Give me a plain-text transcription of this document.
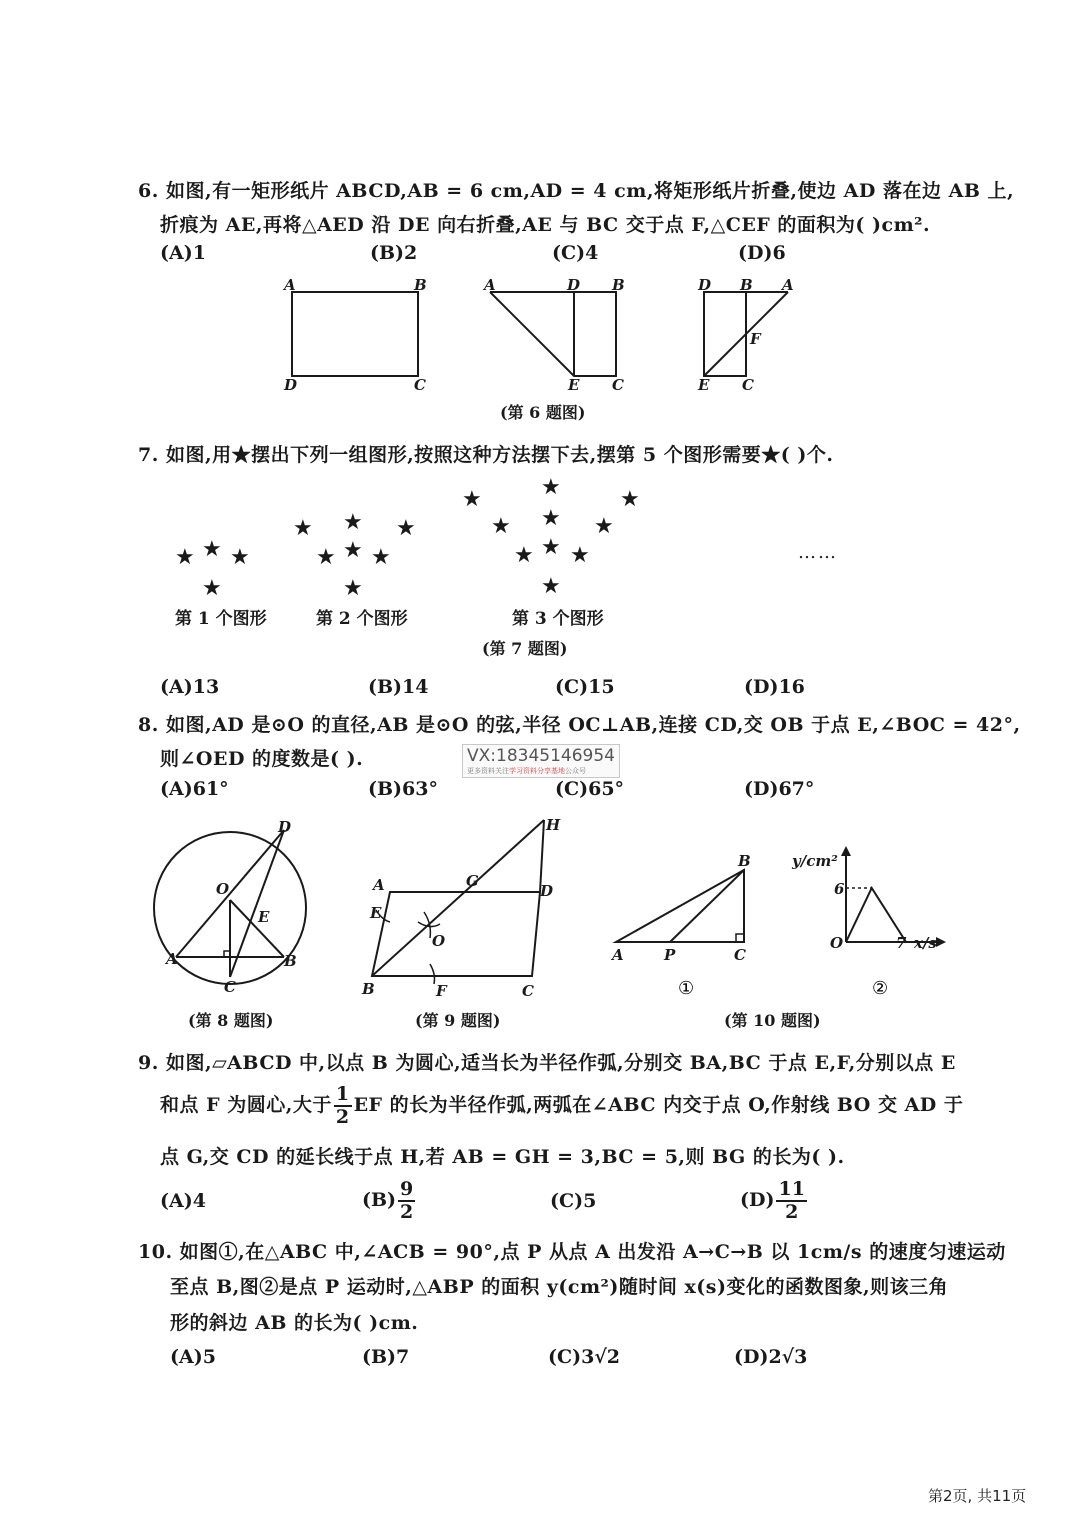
6. 如图,有一矩形纸片 ABCD,AB = 6 cm,AD = 4 cm,将矩形纸片折叠,使边 AD 落在边 AB 上,
折痕为 AE,再将△AED 沿 DE 向右折叠,AE 与 BC 交于点 F,△CEF 的面积为( )cm².
(A)1	(B)2	(C)4	(D)6
A	B
D	C
A	D B
E C
D B A
F
E C
(第 6 题图)
7. 如图,用★摆出下列一组图形,按照这种方法摆下去,摆第 5 个图形需要★( )个.
★ ★ ★
★
★ ★ ★
★ ★ ★
★
★	★	★
★ ★ ★
★ ★ ★
★
……
第 1 个图形	第 2 个图形	第 3 个图形
(第 7 题图)
(A)13	(B)14	(C)15	(D)16
8. 如图,AD 是⊙O 的直径,AB 是⊙O 的弦,半径 OC⊥AB,连接 CD,交 OB 于点 E,∠BOC = 42°,
则∠OED 的度数是( ).
(A)61°	(B)63°	(C)65°	(D)67°
VX:18345146954
更多资料关注学习资料分享基地公众号
D
O
E
A	B
C
A	G
D
H
E
O
B	F	C
B
A	P	C
①
y/cm²
6
O	7 x/s
②
(第 8 题图)	(第 9 题图)	(第 10 题图)
9. 如图,▱ABCD 中,以点 B 为圆心,适当长为半径作弧,分别交 BA,BC 于点 E,F,分别以点 E
和点 F 为圆心,大于 $\frac{1}{2}$ EF 的长为半径作弧,两弧在∠ABC 内交于点 O,作射线 BO 交 AD 于
点 G,交 CD 的延长线于点 H,若 AB = GH = 3,BC = 5,则 BG 的长为( ).
(A)4	$(B) \frac{9}{2}$	(C)5	$(D) \frac{11}{2}$
10. 如图①,在△ABC 中,∠ACB = 90°,点 P 从点 A 出发沿 A→C→B 以 1cm/s 的速度匀速运动
至点 B,图②是点 P 运动时,△ABP 的面积 y(cm²)随时间 x(s)变化的函数图象,则该三角
形的斜边 AB 的长为( )cm.
(A)5	(B)7	(C)3√2	(D)2√3
第2页, 共11页
